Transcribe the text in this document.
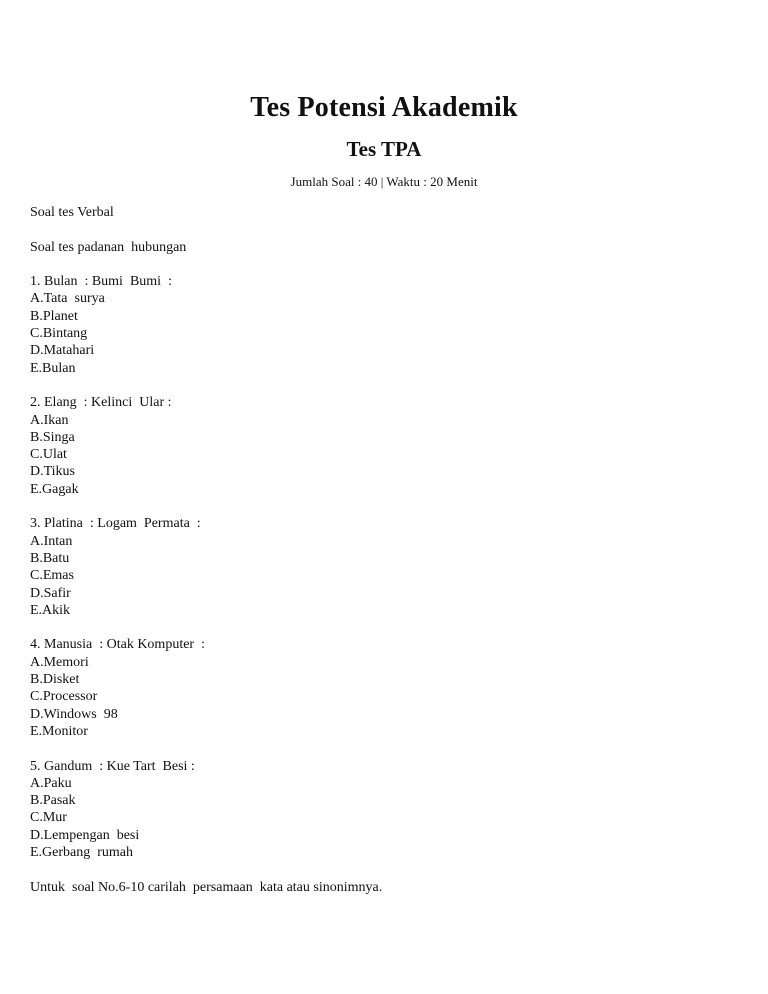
Tes Potensi Akademik
Tes TPA
Jumlah Soal : 40 | Waktu : 20 Menit
Soal tes Verbal
Soal tes padanan  hubungan
1. Bulan  : Bumi  Bumi  :
A.Tata  surya
B.Planet
C.Bintang
D.Matahari
E.Bulan
2. Elang  : Kelinci  Ular :
A.Ikan
B.Singa
C.Ulat
D.Tikus
E.Gagak
3. Platina  : Logam  Permata  :
A.Intan
B.Batu
C.Emas
D.Safir
E.Akik
4. Manusia  : Otak Komputer  :
A.Memori
B.Disket
C.Processor
D.Windows  98
E.Monitor
5. Gandum  : Kue Tart  Besi :
A.Paku
B.Pasak
C.Mur
D.Lempengan  besi
E.Gerbang  rumah
Untuk  soal No.6-10 carilah  persamaan  kata atau sinonimnya.
